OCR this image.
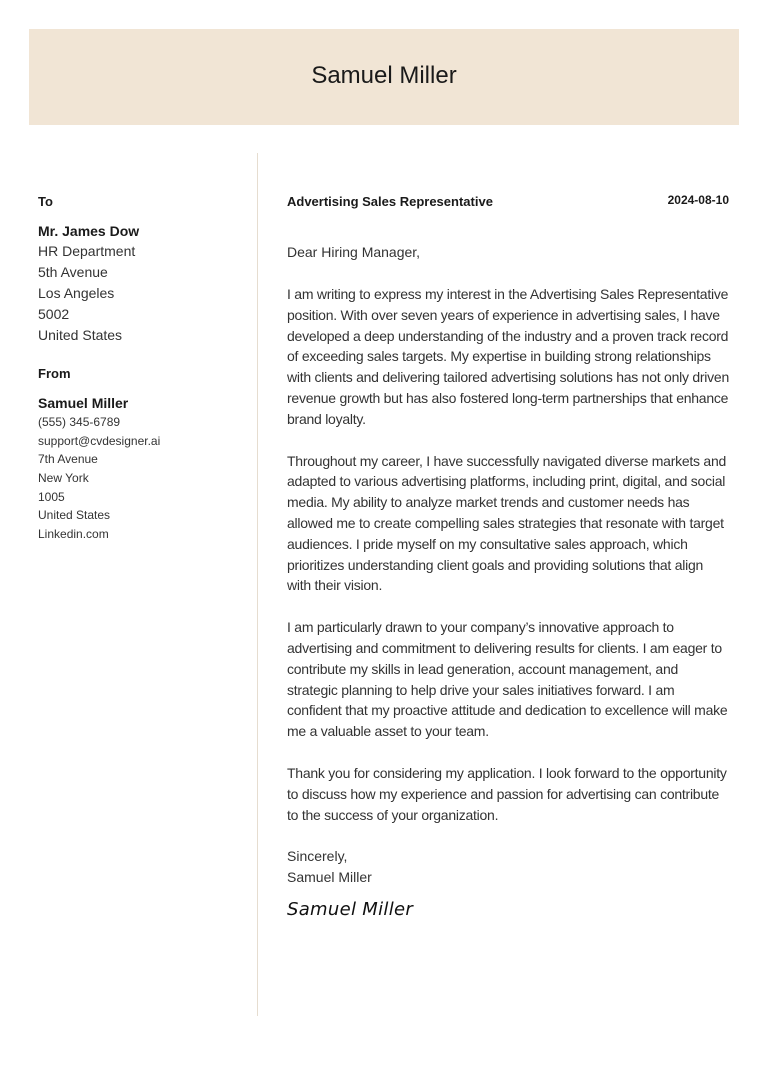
Samuel Miller
To
Mr. James Dow
HR Department
5th Avenue
Los Angeles
5002
United States
From
Samuel Miller
(555) 345-6789
support@cvdesigner.ai
7th Avenue
New York
1005
United States
Linkedin.com
Advertising Sales Representative	2024-08-10
Dear Hiring Manager,
I am writing to express my interest in the Advertising Sales Representative position. With over seven years of experience in advertising sales, I have developed a deep understanding of the industry and a proven track record of exceeding sales targets. My expertise in building strong relationships with clients and delivering tailored advertising solutions has not only driven revenue growth but has also fostered long-term partnerships that enhance brand loyalty.
Throughout my career, I have successfully navigated diverse markets and adapted to various advertising platforms, including print, digital, and social media. My ability to analyze market trends and customer needs has allowed me to create compelling sales strategies that resonate with target audiences. I pride myself on my consultative sales approach, which prioritizes understanding client goals and providing solutions that align with their vision.
I am particularly drawn to your company’s innovative approach to advertising and commitment to delivering results for clients. I am eager to contribute my skills in lead generation, account management, and strategic planning to help drive your sales initiatives forward. I am confident that my proactive attitude and dedication to excellence will make me a valuable asset to your team.
Thank you for considering my application. I look forward to the opportunity to discuss how my experience and passion for advertising can contribute to the success of your organization.
Sincerely,
Samuel Miller
Samuel Miller
